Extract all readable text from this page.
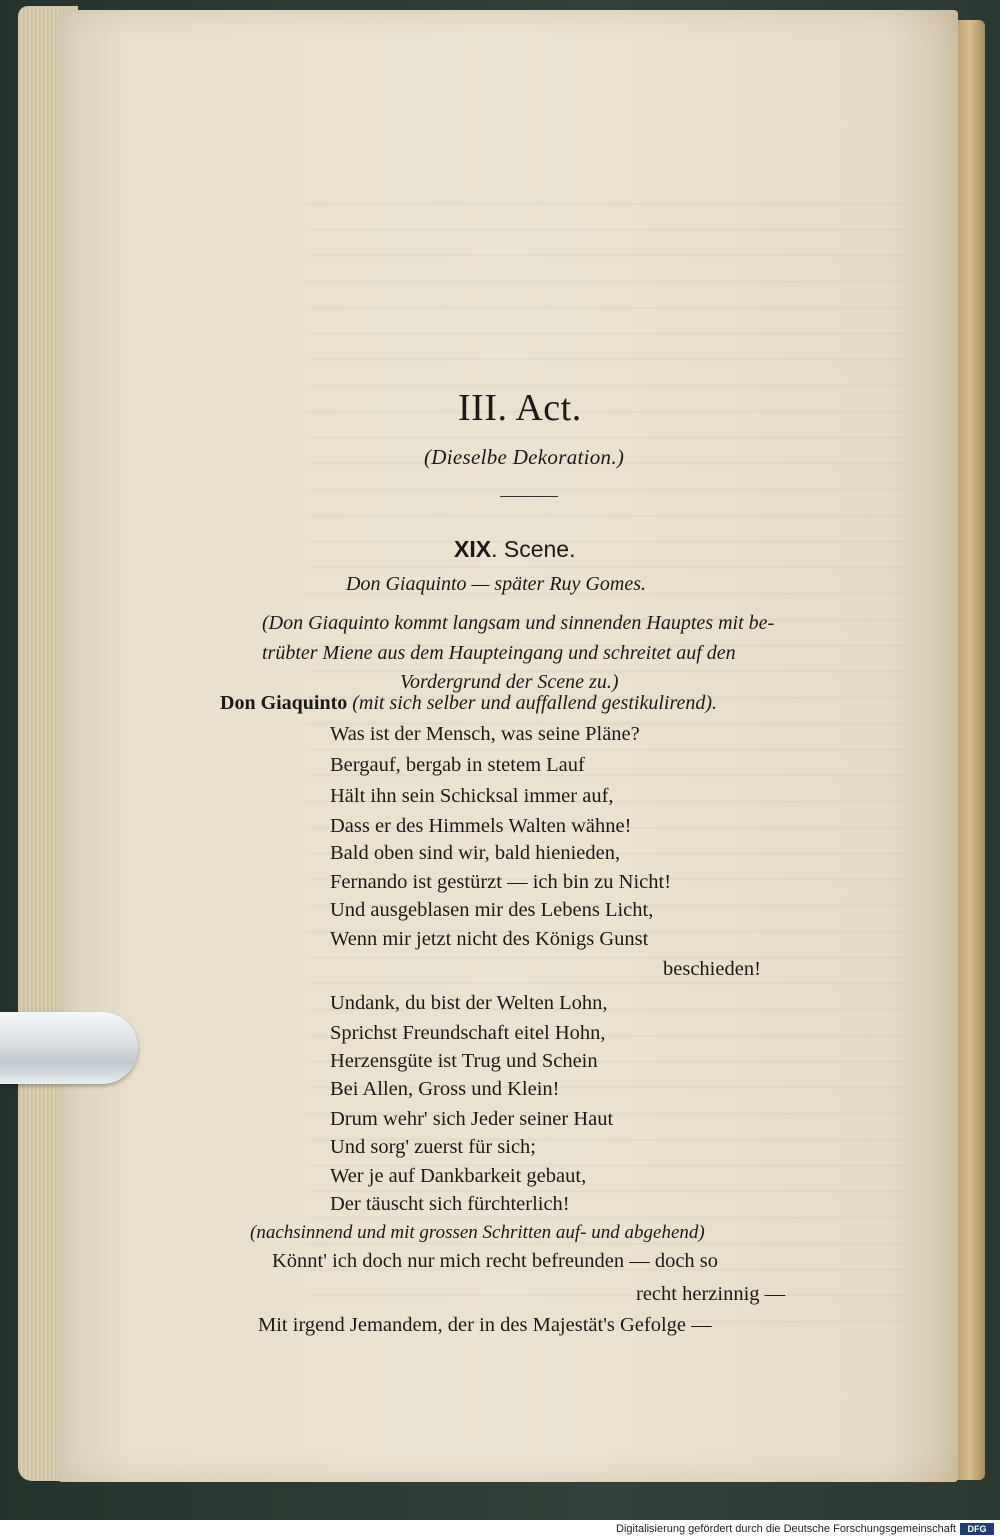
III. Act.
(Dieselbe Dekoration.)
XIX. Scene.
Don Giaquinto — später Ruy Gomes.
(Don Giaquinto kommt langsam und sinnenden Hauptes mit be-
trübter Miene aus dem Haupteingang und schreitet auf den
Vordergrund der Scene zu.)
Don Giaquinto (mit sich selber und auffallend gestikulirend).
Was ist der Mensch, was seine Pläne?
Bergauf, bergab in stetem Lauf
Hält ihn sein Schicksal immer auf,
Dass er des Himmels Walten wähne!
Bald oben sind wir, bald hienieden,
Fernando ist gestürzt — ich bin zu Nicht!
Und ausgeblasen mir des Lebens Licht,
Wenn mir jetzt nicht des Königs Gunst
beschieden!
Undank, du bist der Welten Lohn,
Sprichst Freundschaft eitel Hohn,
Herzensgüte ist Trug und Schein
Bei Allen, Gross und Klein!
Drum wehr' sich Jeder seiner Haut
Und sorg' zuerst für sich;
Wer je auf Dankbarkeit gebaut,
Der täuscht sich fürchterlich!
(nachsinnend und mit grossen Schritten auf- und abgehend)
Könnt' ich doch nur mich recht befreunden — doch so
recht herzinnig —
Mit irgend Jemandem, der in des Majestät's Gefolge —
Digitalisierung gefördert durch die Deutsche Forschungsgemeinschaft	DFG
